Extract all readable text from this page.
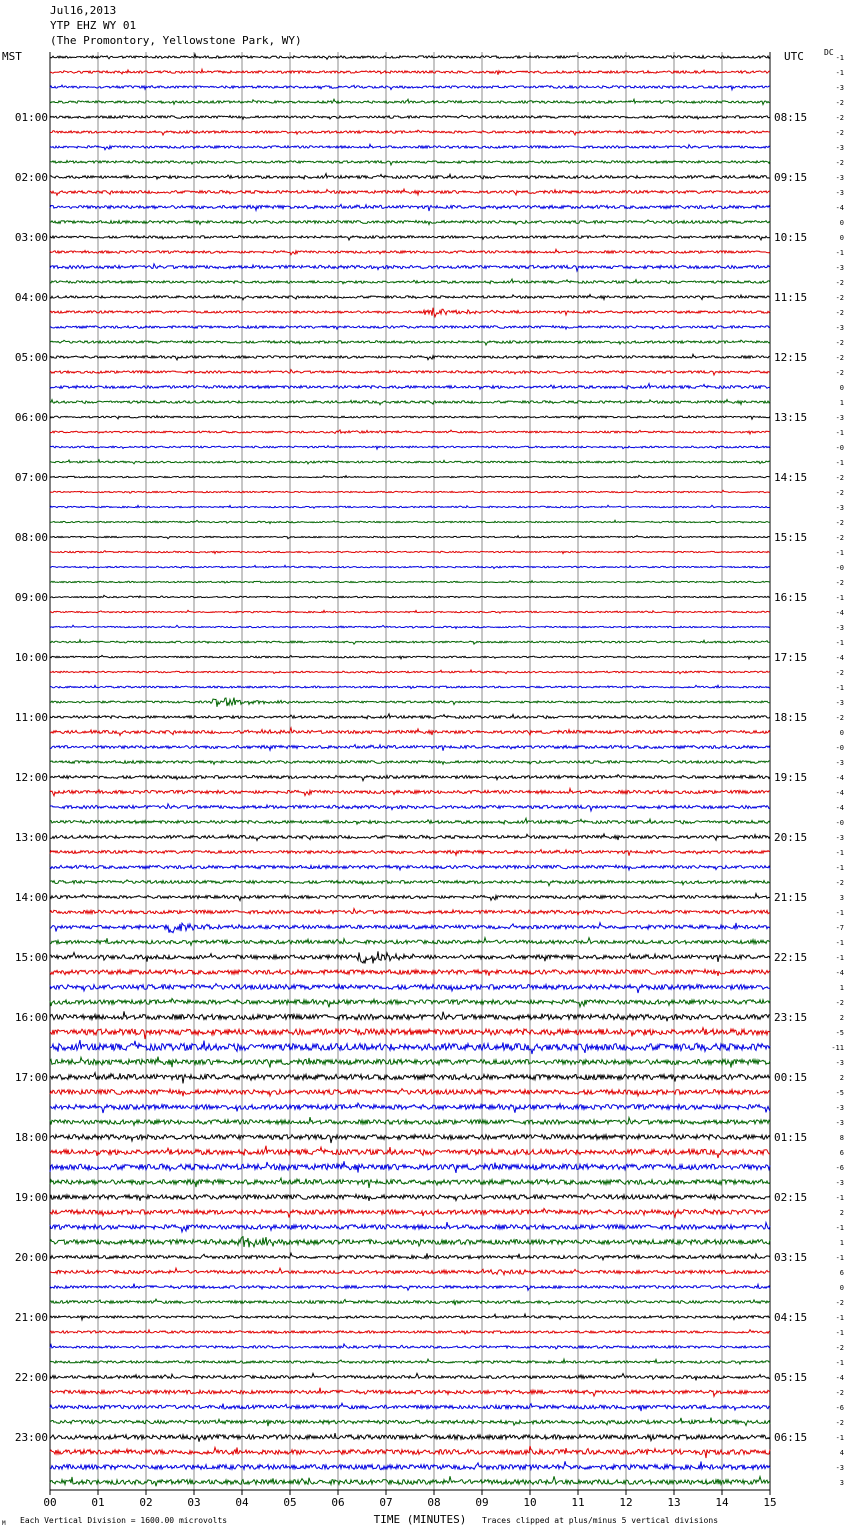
Jul16,2013
YTP EHZ WY 01
(The Promontory, Yellowstone Park, WY)
MST	UTC	DC
01:00
02:00
03:00
04:00
05:00
06:00
07:00
08:00
09:00
10:00
11:00
12:00
13:00
14:00
15:00
16:00
17:00
18:00
19:00
20:00
21:00
22:00
23:00
08:15
09:15
10:15
11:15
12:15
13:15
14:15
15:15
16:15
17:15
18:15
19:15
20:15
21:15
22:15
23:15
00:15
01:15
02:15
03:15
04:15
05:15
06:15
-1
-1
-3
-2
-2
-2
-3
-2
-3
-3
-4
0
0
-1
-3
-2
-2
-2
-3
-2
-2
-2
0
1
-3
-1
-0
-1
-2
-2
-3
-2
-2
-1
-0
-2
-1
-4
-3
-1
-4
-2
-1
-3
-2
0
-0
-3
-4
-4
-4
-0
-3
-1
-1
-2
3
-1
-7
-1
-1
-4
1
-2
2
-5
-11
-3
2
-5
-3
-3
8
6
-6
-3
-1
2
-1
1
-1
6
0
-2
-1
-1
-2
-1
-4
-2
-6
-2
-1
4
-3
3
00	01	02	03	04	05	06	07	08	09	10	11	12	13	14	15
TIME (MINUTES)
Each Vertical Division = 1600.00 microvolts	Traces clipped at plus/minus 5 vertical divisions
M
